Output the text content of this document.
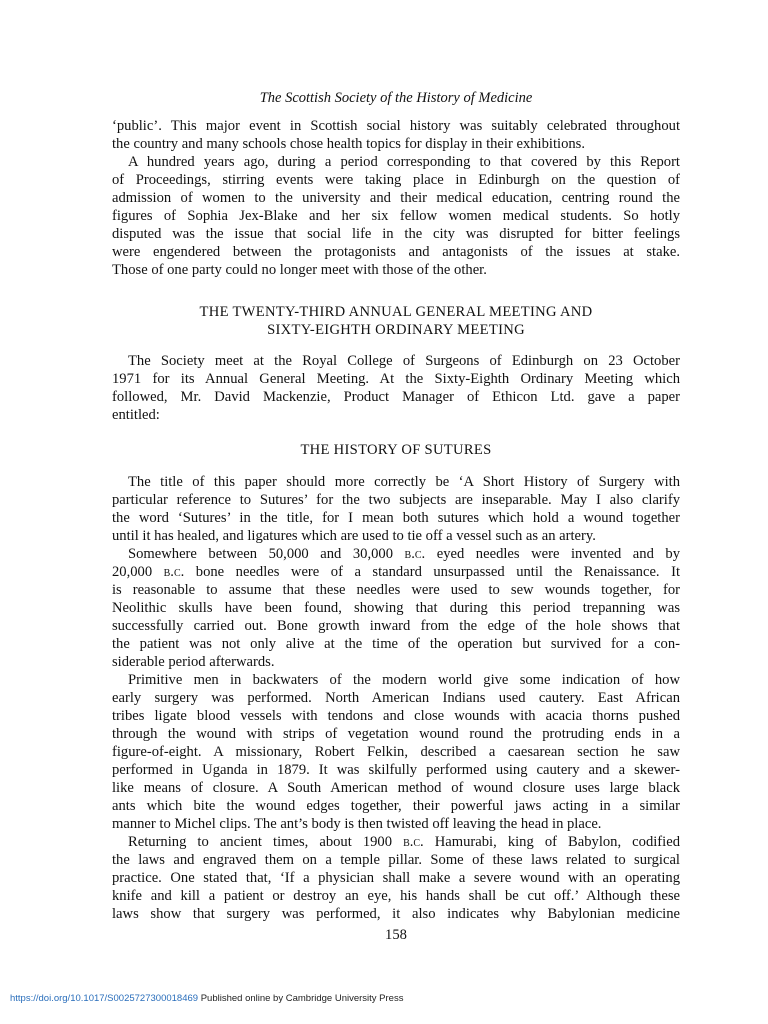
The Scottish Society of the History of Medicine
‘public’. This major event in Scottish social history was suitably celebrated throughout
the country and many schools chose health topics for display in their exhibitions.
A hundred years ago, during a period corresponding to that covered by this Report
of Proceedings, stirring events were taking place in Edinburgh on the question of
admission of women to the university and their medical education, centring round the
figures of Sophia Jex-Blake and her six fellow women medical students. So hotly
disputed was the issue that social life in the city was disrupted for bitter feelings
were engendered between the protagonists and antagonists of the issues at stake.
Those of one party could no longer meet with those of the other.
THE TWENTY-THIRD ANNUAL GENERAL MEETING AND
SIXTY-EIGHTH ORDINARY MEETING
The Society meet at the Royal College of Surgeons of Edinburgh on 23 October
1971 for its Annual General Meeting. At the Sixty-Eighth Ordinary Meeting which
followed, Mr. David Mackenzie, Product Manager of Ethicon Ltd. gave a paper
entitled:
THE HISTORY OF SUTURES
The title of this paper should more correctly be ‘A Short History of Surgery with
particular reference to Sutures’ for the two subjects are inseparable. May I also clarify
the word ‘Sutures’ in the title, for I mean both sutures which hold a wound together
until it has healed, and ligatures which are used to tie off a vessel such as an artery.
Somewhere between 50,000 and 30,000 b.c. eyed needles were invented and by
20,000 b.c. bone needles were of a standard unsurpassed until the Renaissance. It
is reasonable to assume that these needles were used to sew wounds together, for
Neolithic skulls have been found, showing that during this period trepanning was
successfully carried out. Bone growth inward from the edge of the hole shows that
the patient was not only alive at the time of the operation but survived for a con-
siderable period afterwards.
Primitive men in backwaters of the modern world give some indication of how
early surgery was performed. North American Indians used cautery. East African
tribes ligate blood vessels with tendons and close wounds with acacia thorns pushed
through the wound with strips of vegetation wound round the protruding ends in a
figure-of-eight. A missionary, Robert Felkin, described a caesarean section he saw
performed in Uganda in 1879. It was skilfully performed using cautery and a skewer-
like means of closure. A South American method of wound closure uses large black
ants which bite the wound edges together, their powerful jaws acting in a similar
manner to Michel clips. The ant’s body is then twisted off leaving the head in place.
Returning to ancient times, about 1900 b.c. Hamurabi, king of Babylon, codified
the laws and engraved them on a temple pillar. Some of these laws related to surgical
practice. One stated that, ‘If a physician shall make a severe wound with an operating
knife and kill a patient or destroy an eye, his hands shall be cut off.’ Although these
laws show that surgery was performed, it also indicates why Babylonian medicine
158
https://doi.org/10.1017/S0025727300018469 Published online by Cambridge University Press
